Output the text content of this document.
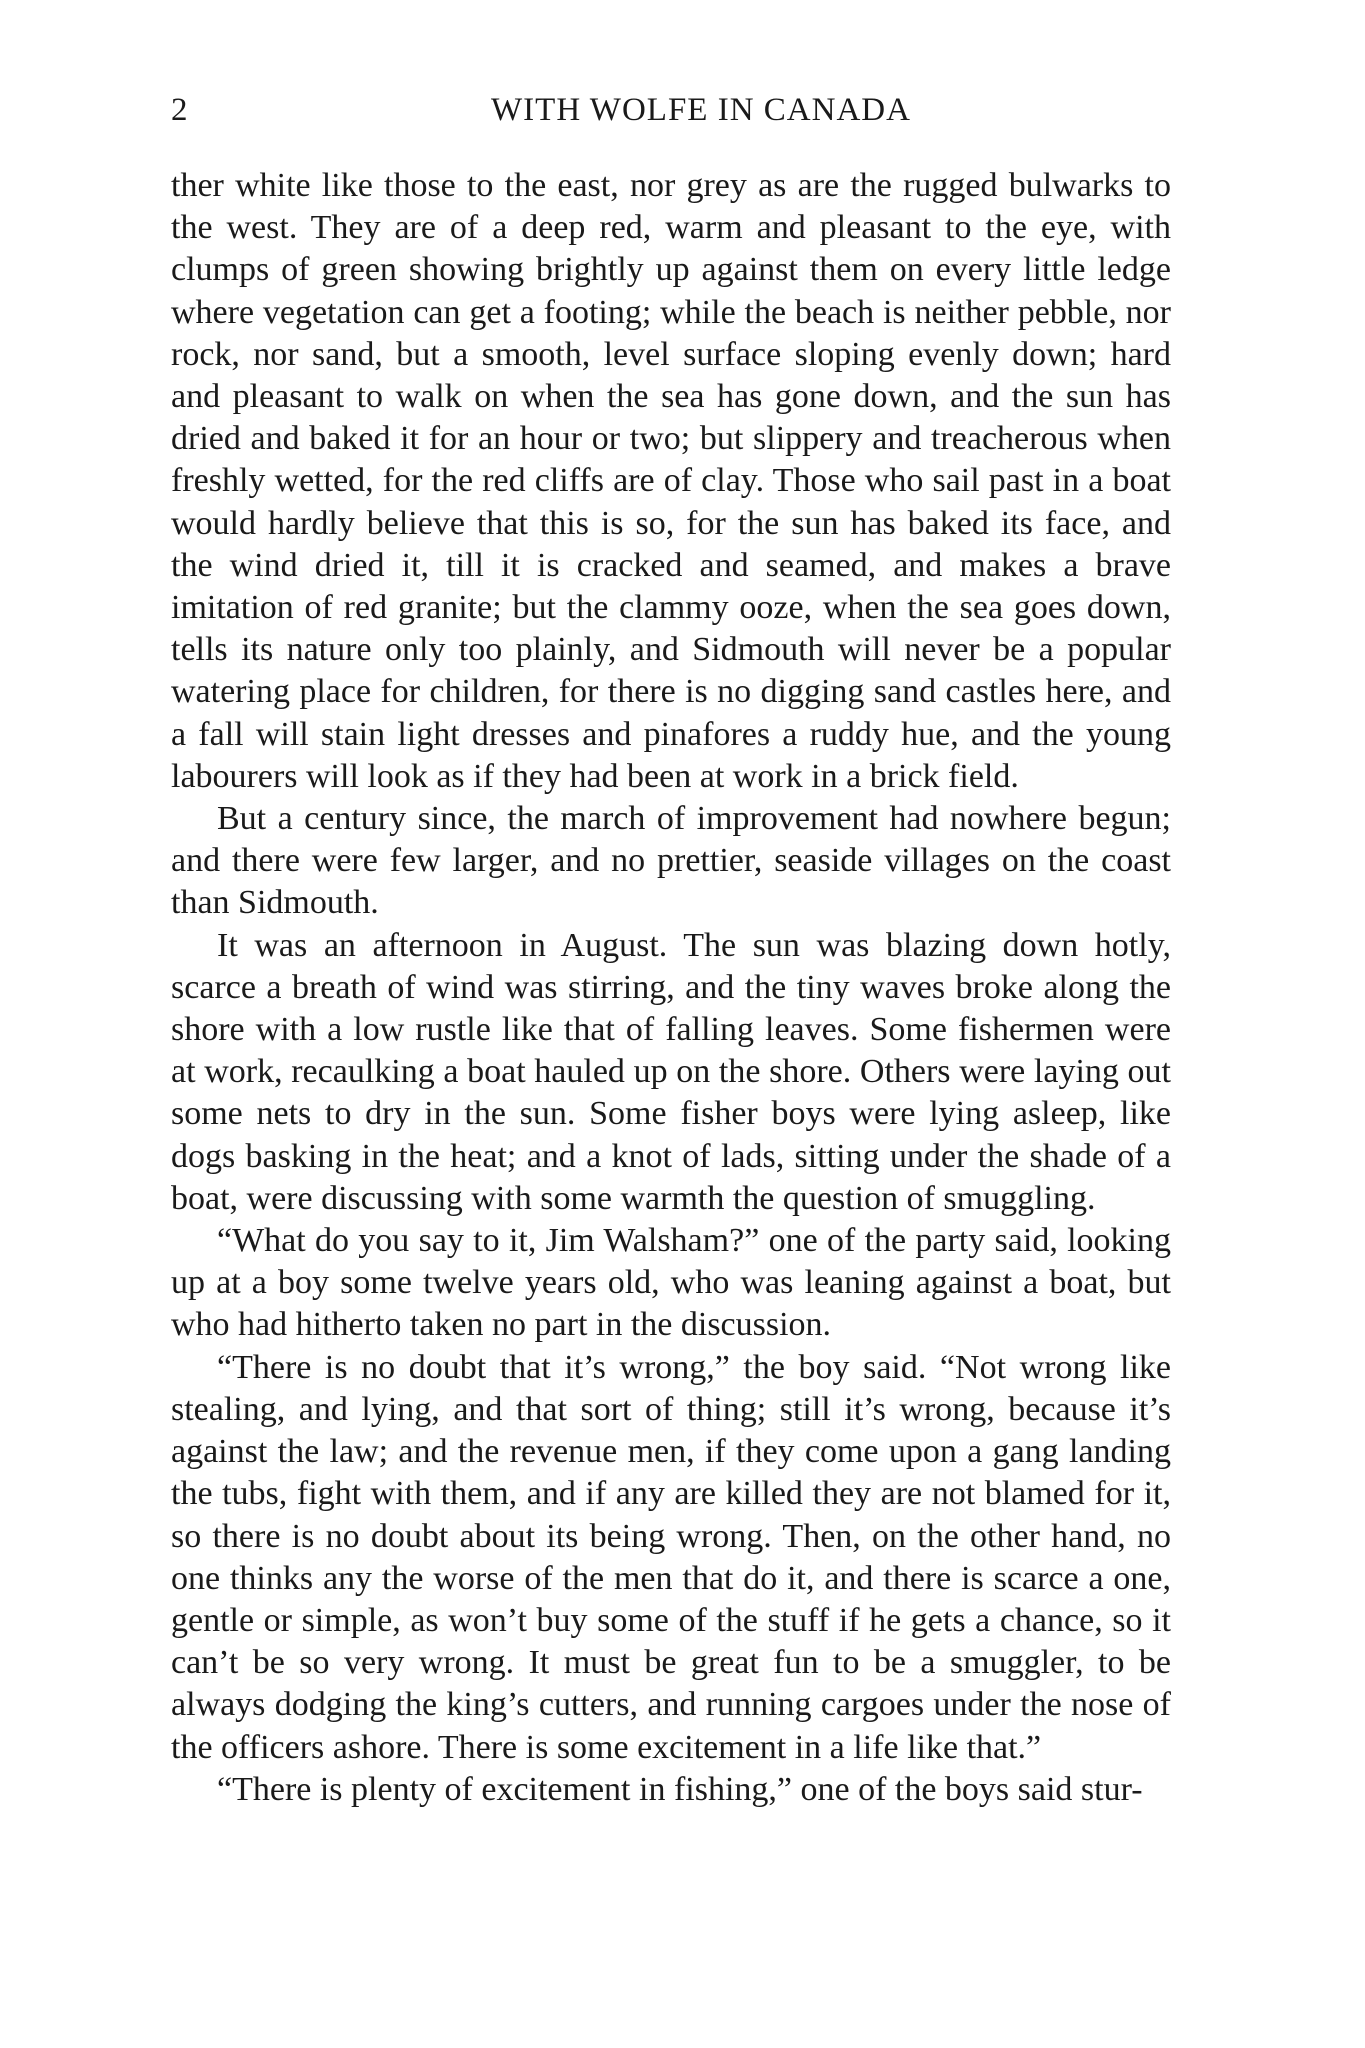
2	WITH WOLFE IN CANADA

ther white like those to the east, nor grey as are the rugged bulwarks to the west. They are of a deep red, warm and pleasant to the eye, with clumps of green showing brightly up against them on every little ledge where vegetation can get a footing; while the beach is neither pebble, nor rock, nor sand, but a smooth, level surface sloping evenly down; hard and pleasant to walk on when the sea has gone down, and the sun has dried and baked it for an hour or two; but slippery and treacherous when freshly wetted, for the red cliffs are of clay. Those who sail past in a boat would hardly believe that this is so, for the sun has baked its face, and the wind dried it, till it is cracked and seamed, and makes a brave imitation of red granite; but the clammy ooze, when the sea goes down, tells its nature only too plainly, and Sidmouth will never be a popular watering place for children, for there is no digging sand castles here, and a fall will stain light dresses and pinafores a ruddy hue, and the young labourers will look as if they had been at work in a brick field.

But a century since, the march of improvement had nowhere begun; and there were few larger, and no prettier, seaside villages on the coast than Sidmouth.

It was an afternoon in August. The sun was blazing down hotly, scarce a breath of wind was stirring, and the tiny waves broke along the shore with a low rustle like that of falling leaves. Some fishermen were at work, recaulking a boat hauled up on the shore. Others were laying out some nets to dry in the sun. Some fisher boys were lying asleep, like dogs basking in the heat; and a knot of lads, sitting under the shade of a boat, were discussing with some warmth the question of smuggling.

“What do you say to it, Jim Walsham?” one of the party said, looking up at a boy some twelve years old, who was leaning against a boat, but who had hitherto taken no part in the discussion.

“There is no doubt that it’s wrong,” the boy said. “Not wrong like stealing, and lying, and that sort of thing; still it’s wrong, because it’s against the law; and the revenue men, if they come upon a gang landing the tubs, fight with them, and if any are killed they are not blamed for it, so there is no doubt about its being wrong. Then, on the other hand, no one thinks any the worse of the men that do it, and there is scarce a one, gentle or simple, as won’t buy some of the stuff if he gets a chance, so it can’t be so very wrong. It must be great fun to be a smuggler, to be always dodging the king’s cutters, and running cargoes under the nose of the officers ashore. There is some excitement in a life like that.”

“There is plenty of excitement in fishing,” one of the boys said stur-
